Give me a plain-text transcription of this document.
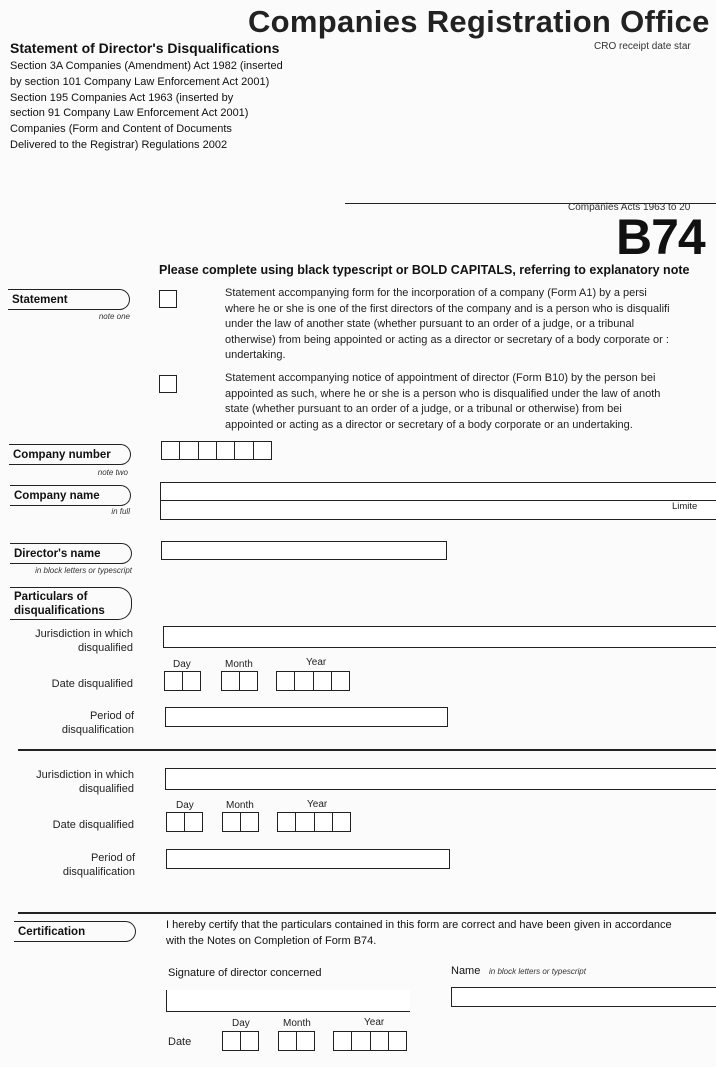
Companies Registration Office
CRO receipt date star
Statement of Director's Disqualifications
Section 3A Companies (Amendment) Act 1982 (inserted
by section 101 Company Law Enforcement Act 2001)
Section 195 Companies Act 1963 (inserted by
section 91 Company Law Enforcement Act 2001)
Companies (Form and Content of Documents
Delivered to the Registrar) Regulations 2002
Companies Acts 1963 to 20
B74
Please complete using black typescript or BOLD CAPITALS, referring to explanatory note
Statement
note one
Statement accompanying form for the incorporation of a company (Form A1) by a persi
where he or she is one of the first directors of the company and is a person who is disqualifi
under the law of another state (whether pursuant to an order of a judge, or a tribunal
otherwise) from being appointed or acting as a director or secretary of a body corporate or :
undertaking.
Statement accompanying notice of appointment of director (Form B10) by the person bei
appointed as such, where he or she is a person who is disqualified under the law of anoth
state (whether pursuant to an order of a judge, or a tribunal or otherwise) from bei
appointed or acting as a director or secretary of a body corporate or an undertaking.
Company number
note two
Company name
in full	Limite
Director's name
in block letters or typescript
Particulars of
disqualifications
Jurisdiction in which
disqualified
Day	Month	Year
Date disqualified
Period of
disqualification
Jurisdiction in which
disqualified
Day	Month	Year
Date disqualified
Period of
disqualification
Certification
I hereby certify that the particulars contained in this form are correct and have been given in accordance with the Notes on Completion of Form B74.
Signature of director concerned	Name in block letters or typescript
Day	Month	Year
Date
